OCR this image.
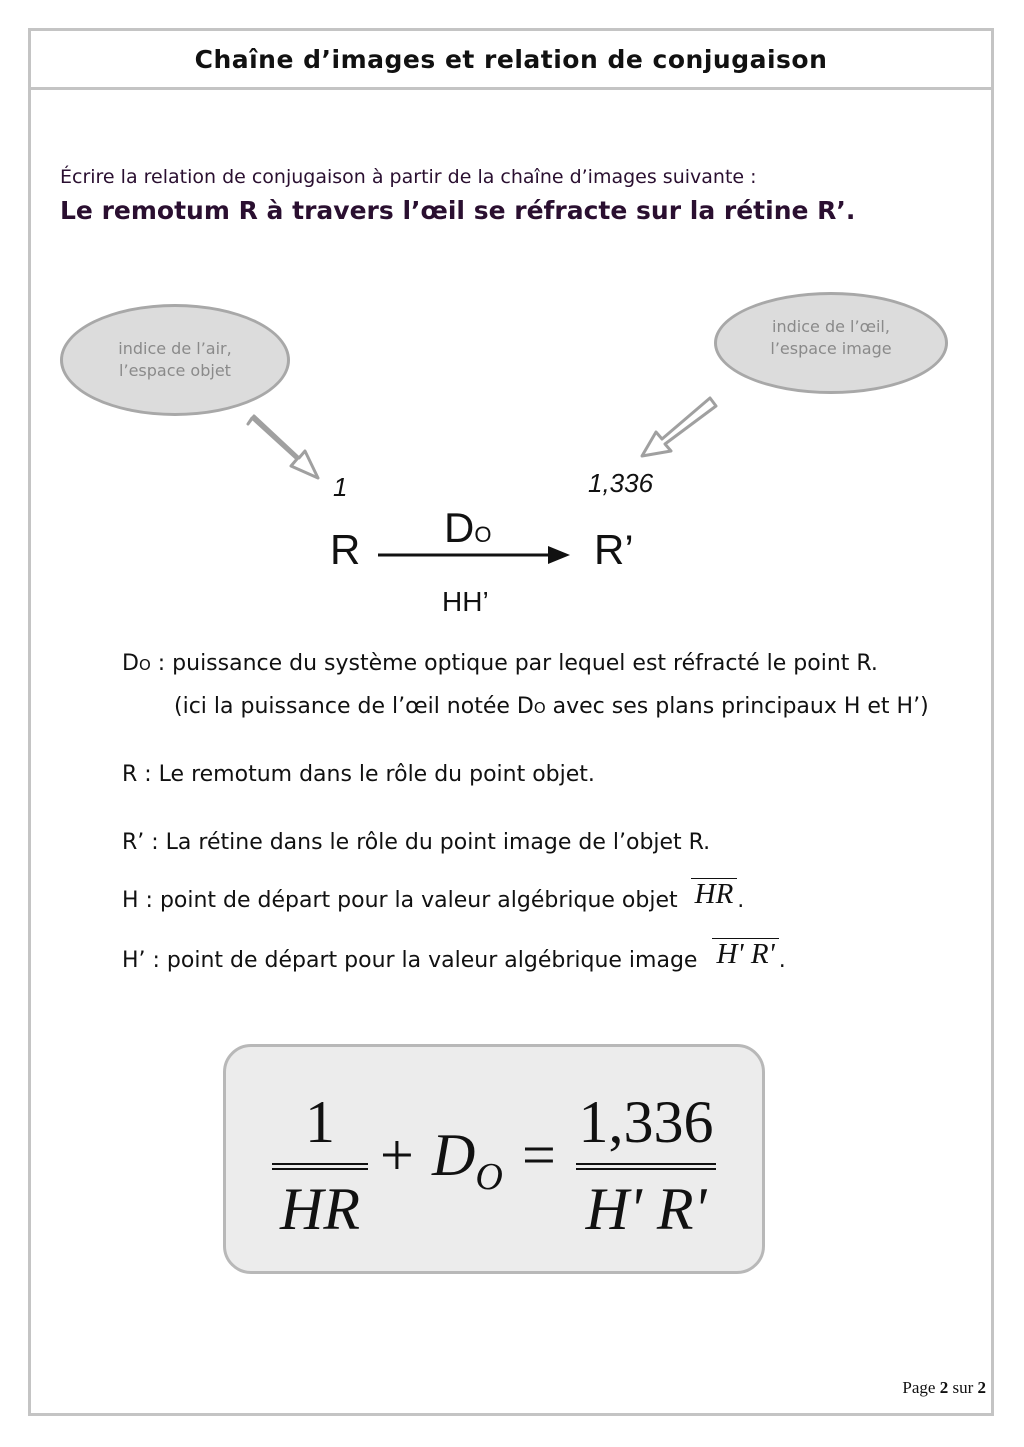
Chaîne d’images et relation de conjugaison
Écrire la relation de conjugaison à partir de la chaîne d’images suivante :
Le remotum R à travers l’œil se réfracte sur la rétine R’.
indice de l’air,
l’espace objet
indice de l’œil,
l’espace image
1	1,336
R	R’
DO
HH’
DO : puissance du système optique par lequel est réfracté le point R.
(ici la puissance de l’œil notée DO avec ses plans principaux H et H’)
R : Le remotum dans le rôle du point objet.
R’ : La rétine dans le rôle du point image de l’objet R.
H : point de départ pour la valeur algébrique objet HR .
H’ : point de départ pour la valeur algébrique image H' R' .
1
HR
+ $D_O = 1,336$
H' R'
Page 2 sur 2
